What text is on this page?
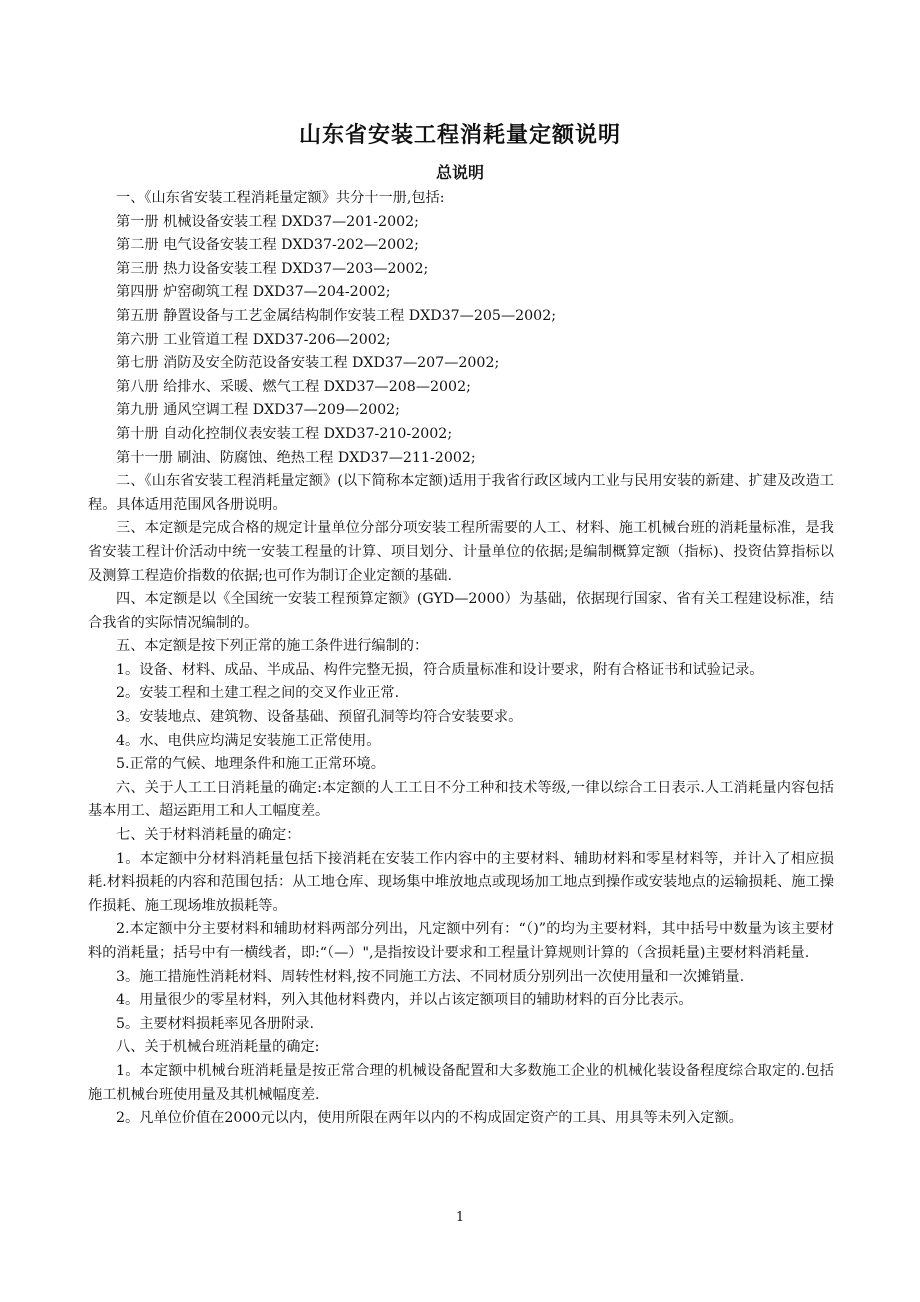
山东省安装工程消耗量定额说明
总说明

一、《山东省安装工程消耗量定额》共分十一册,包括:

第一册 机械设备安装工程 DXD37—201-2002;

第二册 电气设备安装工程 DXD37-202—2002;

第三册 热力设备安装工程 DXD37—203—2002;

第四册 炉窑砌筑工程 DXD37—204-2002;

第五册 静置设备与工艺金属结构制作安装工程 DXD37—205—2002;

第六册 工业管道工程 DXD37-206—2002;

第七册 消防及安全防范设备安装工程 DXD37—207—2002;

第八册 给排水、采暖、燃气工程 DXD37—208—2002;

第九册 通风空调工程 DXD37—209—2002;

第十册 自动化控制仪表安装工程 DXD37-210-2002;

第十一册 刷油、防腐蚀、绝热工程 DXD37—211-2002;

二、《山东省安装工程消耗量定额》(以下简称本定额)适用于我省行政区域内工业与民用安装的新建、扩建及改造工程。具体适用范围风各册说明。

三、本定额是完成合格的规定计量单位分部分项安装工程所需要的人工、材料、施工机械台班的消耗量标准，是我省安装工程计价活动中统一安装工程量的计算、项目划分、计量单位的依据;是编制概算定额（指标)、投资估算指标以及测算工程造价指数的依据;也可作为制订企业定额的基础.

四、本定额是以《全国统一安装工程预算定额》(GYD—2000）为基础，依据现行国家、省有关工程建设标准，结合我省的实际情况编制的。

五、本定额是按下列正常的施工条件进行编制的：

1。设备、材料、成品、半成品、构件完整无损，符合质量标准和设计要求，附有合格证书和试验记录。

2。安装工程和土建工程之间的交叉作业正常.

3。安装地点、建筑物、设备基础、预留孔洞等均符合安装要求。

4。水、电供应均满足安装施工正常使用。

5.正常的气候、地理条件和施工正常环境。

六、关于人工工日消耗量的确定:本定额的人工工日不分工种和技术等级,一律以综合工日表示.人工消耗量内容包括基本用工、超运距用工和人工幅度差。

七、关于材料消耗量的确定：

1。本定额中分材料消耗量包括下接消耗在安装工作内容中的主要材料、辅助材料和零星材料等，并计入了相应损耗.材料损耗的内容和范围包括：从工地仓库、现场集中堆放地点或现场加工地点到操作或安装地点的运输损耗、施工操作损耗、施工现场堆放损耗等。

2.本定额中分主要材料和辅助材料两部分列出，凡定额中列有：“（)”的均为主要材料，其中括号中数量为该主要材料的消耗量；括号中有一横线者，即:“（—）",是指按设计要求和工程量计算规则计算的（含损耗量)主要材料消耗量.

3。施工措施性消耗材料、周转性材料,按不同施工方法、不同材质分别列出一次使用量和一次摊销量.

4。用量很少的零星材料，列入其他材料费内，并以占该定额项目的辅助材料的百分比表示。

5。主要材料损耗率见各册附录.

八、关于机械台班消耗量的确定:

1。本定额中机械台班消耗量是按正常合理的机械设备配置和大多数施工企业的机械化装设备程度综合取定的.包括施工机械台班使用量及其机械幅度差.

2。凡单位价值在2000元以内，使用所限在两年以内的不构成固定资产的工具、用具等未列入定额。

1
